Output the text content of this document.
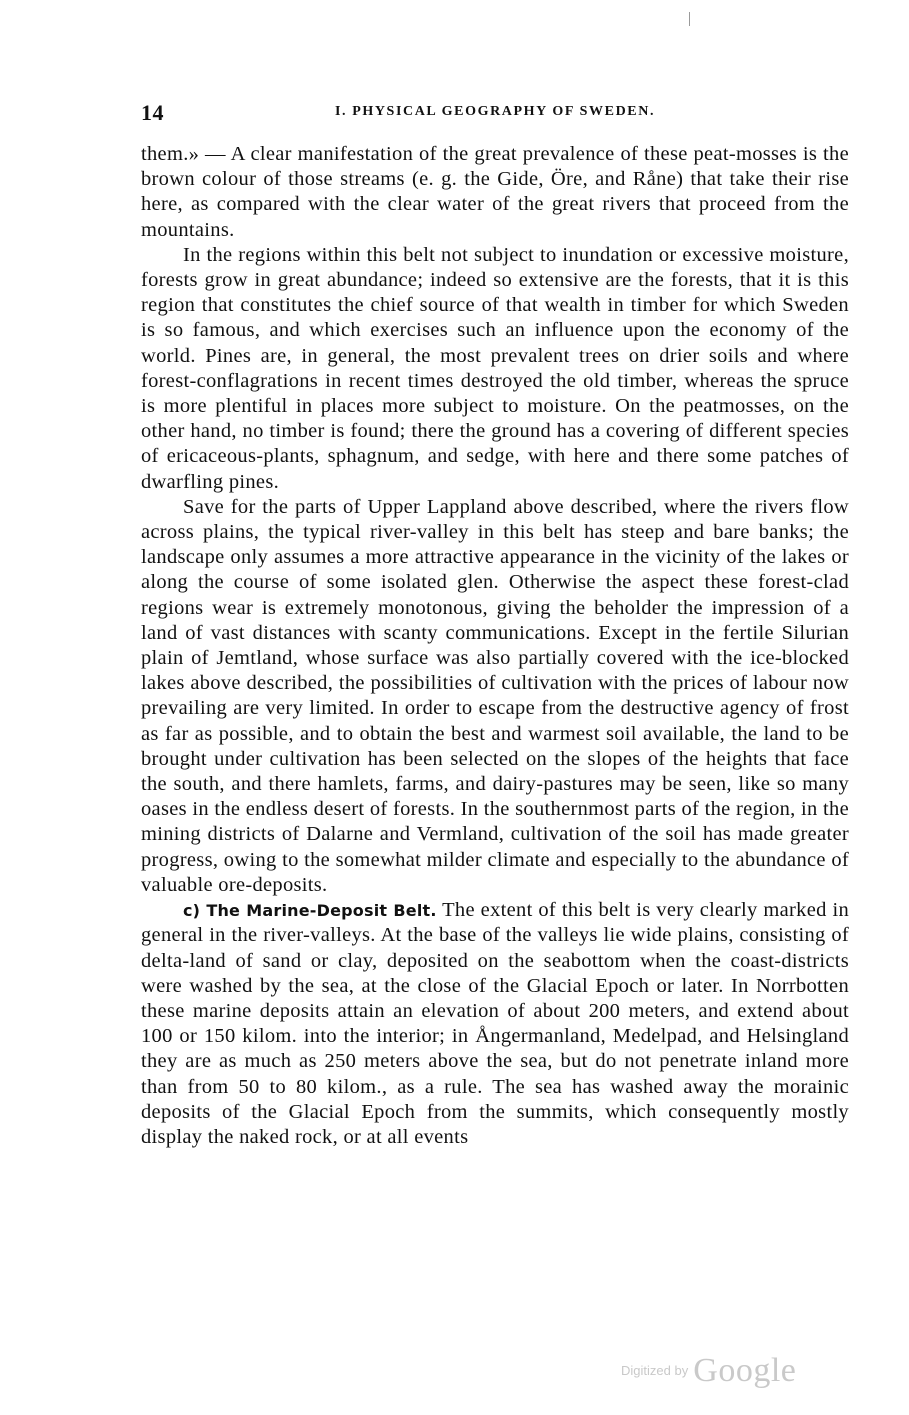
14	I. PHYSICAL GEOGRAPHY OF SWEDEN.

them.» — A clear manifestation of the great prevalence of these peat-mosses is the brown colour of those streams (e. g. the Gide, Öre, and Råne) that take their rise here, as compared with the clear water of the great rivers that proceed from the mountains.

In the regions within this belt not subject to inundation or excessive moisture, forests grow in great abundance; indeed so extensive are the forests, that it is this region that constitutes the chief source of that wealth in timber for which Sweden is so famous, and which exercises such an influence upon the economy of the world. Pines are, in general, the most prevalent trees on drier soils and where forest-conflagrations in recent times destroyed the old timber, whereas the spruce is more plentiful in places more subject to moisture. On the peatmosses, on the other hand, no timber is found; there the ground has a covering of different species of ericaceous-plants, sphagnum, and sedge, with here and there some patches of dwarfling pines.

Save for the parts of Upper Lappland above described, where the rivers flow across plains, the typical river-valley in this belt has steep and bare banks; the landscape only assumes a more attractive appearance in the vicinity of the lakes or along the course of some isolated glen. Otherwise the aspect these forest-clad regions wear is extremely monotonous, giving the beholder the impression of a land of vast distances with scanty communications. Except in the fertile Silurian plain of Jemtland, whose surface was also partially covered with the ice-blocked lakes above described, the possibilities of cultivation with the prices of labour now prevailing are very limited. In order to escape from the destructive agency of frost as far as possible, and to obtain the best and warmest soil available, the land to be brought under cultivation has been selected on the slopes of the heights that face the south, and there hamlets, farms, and dairy-pastures may be seen, like so many oases in the endless desert of forests. In the southernmost parts of the region, in the mining districts of Dalarne and Vermland, cultivation of the soil has made greater progress, owing to the somewhat milder climate and especially to the abundance of valuable ore-deposits.

c) The Marine-Deposit Belt. The extent of this belt is very clearly marked in general in the river-valleys. At the base of the valleys lie wide plains, consisting of delta-land of sand or clay, deposited on the seabottom when the coast-districts were washed by the sea, at the close of the Glacial Epoch or later. In Norrbotten these marine deposits attain an elevation of about 200 meters, and extend about 100 or 150 kilom. into the interior; in Ångermanland, Medelpad, and Helsingland they are as much as 250 meters above the sea, but do not penetrate inland more than from 50 to 80 kilom., as a rule. The sea has washed away the morainic deposits of the Glacial Epoch from the summits, which consequently mostly display the naked rock, or at all events

$^{Digitized by}$ Google
